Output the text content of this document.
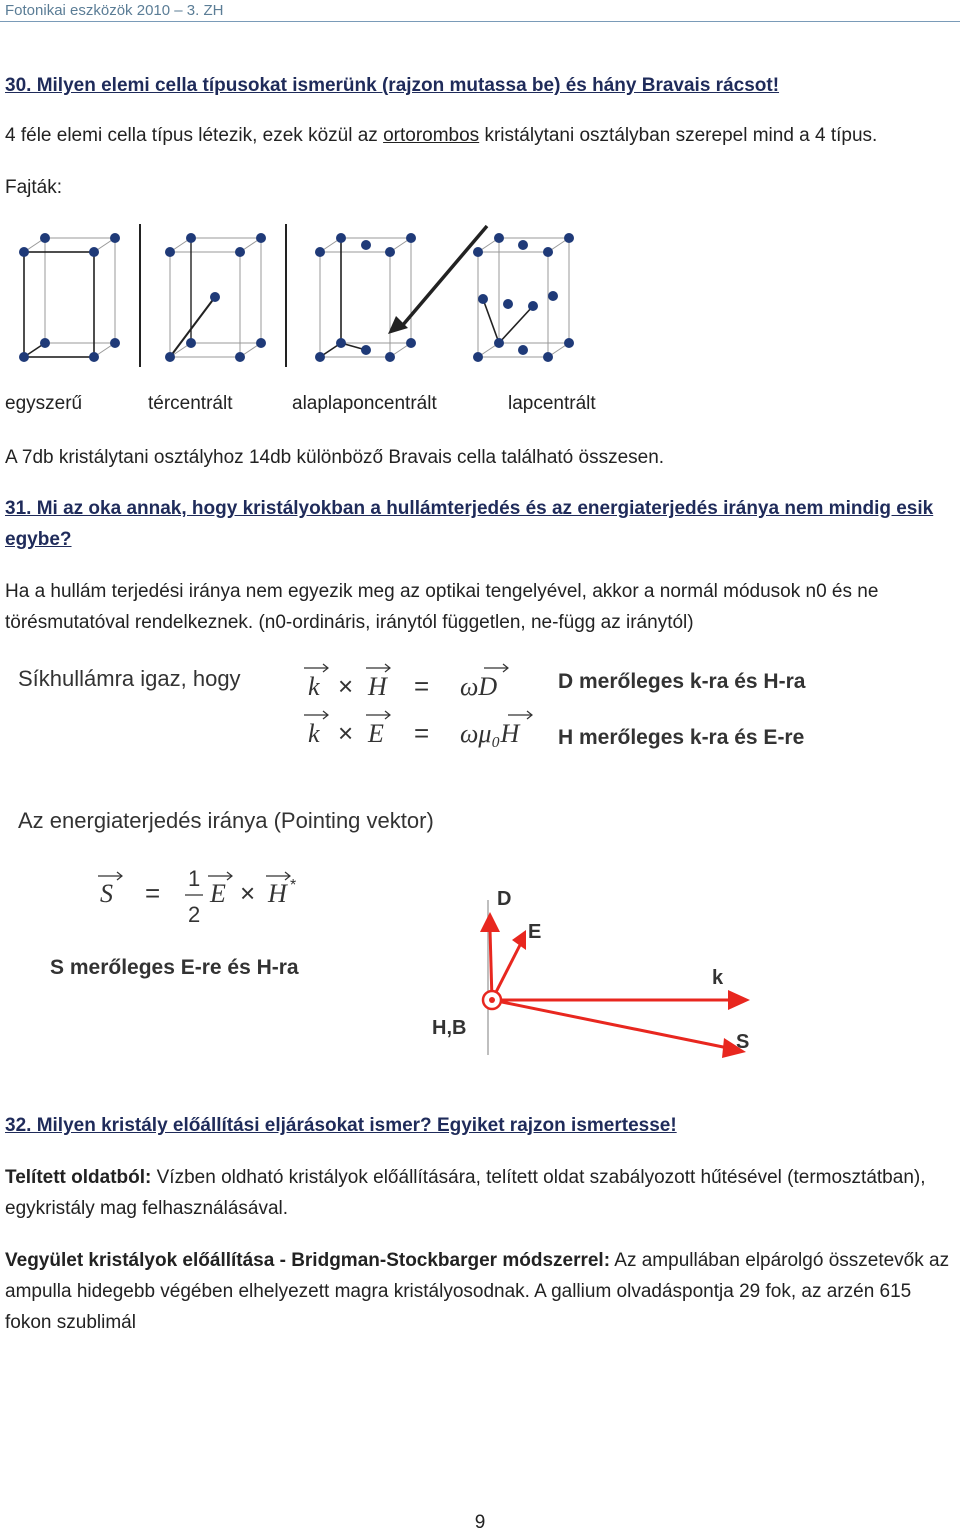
Fotonikai eszközök 2010 – 3. ZH
30. Milyen elemi cella típusokat ismerünk (rajzon mutassa be) és hány Bravais rácsot!
4 féle elemi cella típus létezik, ezek közül az ortorombos kristálytani osztályban szerepel mind a 4 típus.
Fajták:
egyszerű	tércentrált	alaplaponcentrált	lapcentrált
A 7db kristálytani osztályhoz 14db különböző Bravais cella található összesen.
31. Mi az oka annak, hogy kristályokban a hullámterjedés és az energiaterjedés iránya nem mindig esik egybe?
Ha a hullám terjedési iránya nem egyezik meg az optikai tengelyével, akkor a normál módusok n0 és ne törésmutatóval rendelkeznek. (n0-ordináris, iránytól független, ne-függ az iránytól)
Síkhullámra igaz, hogy	k × H = ωD
k × E = ωμ₀H
D merőleges k-ra és H-ra
H merőleges k-ra és E-re
Az energiaterjedés iránya (Pointing vektor)
S = 1
2
E × H *
S merőleges E-re és H-ra
D
E
k
S
H,B
32. Milyen kristály előállítási eljárásokat ismer? Egyiket rajzon ismertesse!
Telített oldatból: Vízben oldható kristályok előállítására, telített oldat szabályozott hűtésével (termosztátban), egykristály mag felhasználásával.
Vegyület kristályok előállítása - Bridgman-Stockbarger módszerrel: Az ampullában elpárolgó összetevők az ampulla hidegebb végében elhelyezett magra kristályosodnak. A gallium olvadáspontja 29 fok, az arzén 615 fokon szublimál
9
